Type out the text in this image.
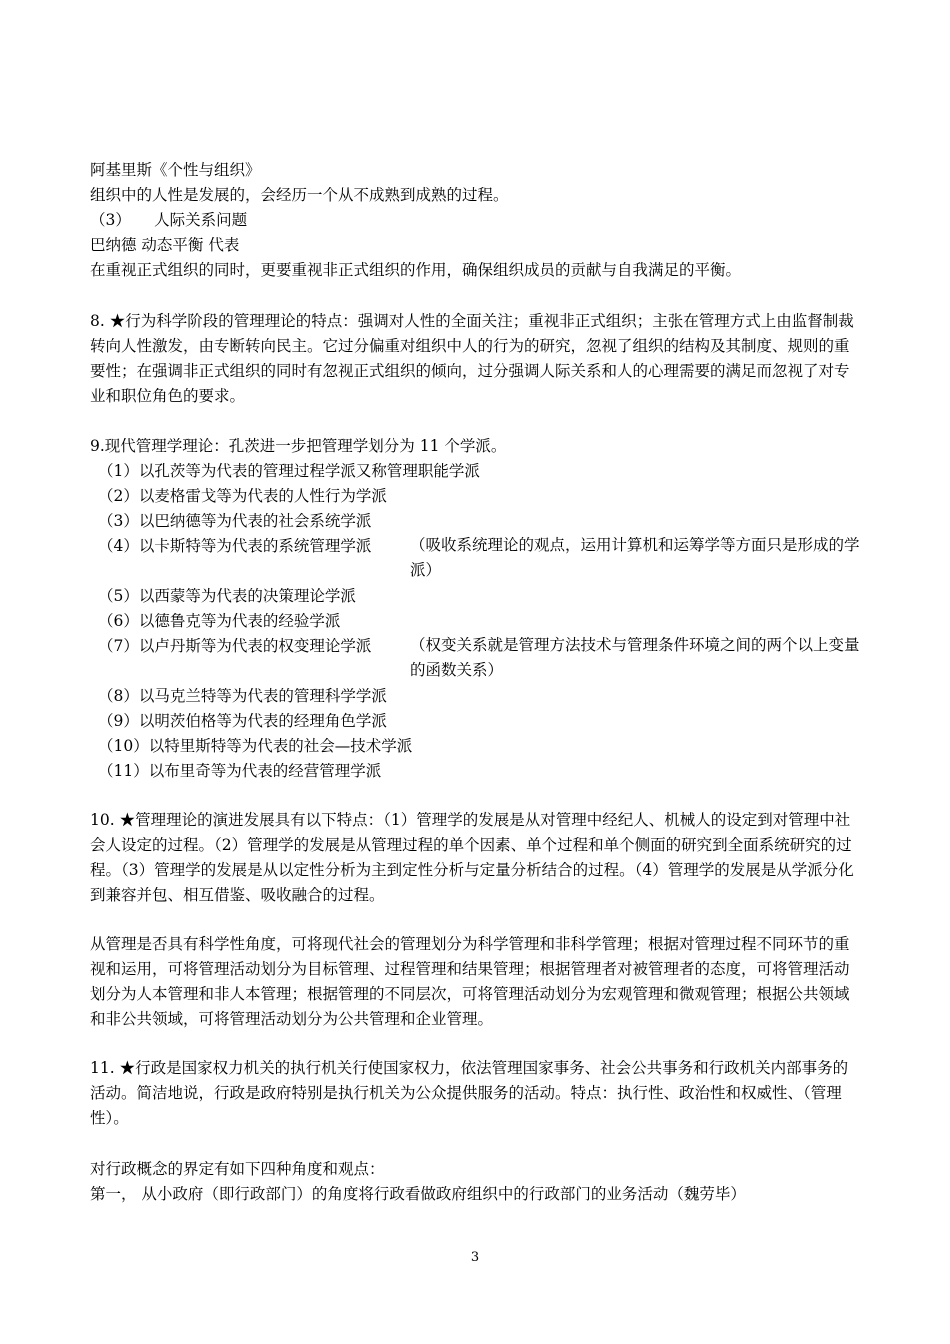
阿基里斯《个性与组织》
组织中的人性是发展的，会经历一个从不成熟到成熟的过程。
（3）　　人际关系问题
巴纳德 动态平衡 代表
在重视正式组织的同时，更要重视非正式组织的作用，确保组织成员的贡献与自我满足的平衡。
8. ★行为科学阶段的管理理论的特点：强调对人性的全面关注；重视非正式组织；主张在管理方式上由监督制裁转向人性激发，由专断转向民主。它过分偏重对组织中人的行为的研究，忽视了组织的结构及其制度、规则的重要性；在强调非正式组织的同时有忽视正式组织的倾向，过分强调人际关系和人的心理需要的满足而忽视了对专业和职位角色的要求。
9.现代管理学理论：孔茨进一步把管理学划分为 11 个学派。
（1）以孔茨等为代表的管理过程学派又称管理职能学派
（2）以麦格雷戈等为代表的人性行为学派
（3）以巴纳德等为代表的社会系统学派
（4）以卡斯特等为代表的系统管理学派 （吸收系统理论的观点，运用计算机和运筹学等方面只是形成的学派）
（5）以西蒙等为代表的决策理论学派
（6）以德鲁克等为代表的经验学派
（7）以卢丹斯等为代表的权变理论学派 （权变关系就是管理方法技术与管理条件环境之间的两个以上变量的函数关系）
（8）以马克兰特等为代表的管理科学学派
（9）以明茨伯格等为代表的经理角色学派
（10）以特里斯特等为代表的社会—技术学派
（11）以布里奇等为代表的经营管理学派
10. ★管理理论的演进发展具有以下特点：（1）管理学的发展是从对管理中经纪人、机械人的设定到对管理中社会人设定的过程。（2）管理学的发展是从管理过程的单个因素、单个过程和单个侧面的研究到全面系统研究的过程。（3）管理学的发展是从以定性分析为主到定性分析与定量分析结合的过程。（4）管理学的发展是从学派分化到兼容并包、相互借鉴、吸收融合的过程。
从管理是否具有科学性角度，可将现代社会的管理划分为科学管理和非科学管理；根据对管理过程不同环节的重视和运用，可将管理活动划分为目标管理、过程管理和结果管理；根据管理者对被管理者的态度，可将管理活动划分为人本管理和非人本管理；根据管理的不同层次，可将管理活动划分为宏观管理和微观管理；根据公共领域和非公共领域，可将管理活动划分为公共管理和企业管理。
11. ★行政是国家权力机关的执行机关行使国家权力，依法管理国家事务、社会公共事务和行政机关内部事务的活动。简洁地说，行政是政府特别是执行机关为公众提供服务的活动。特点：执行性、政治性和权威性、（管理性）。
对行政概念的界定有如下四种角度和观点：
第一， 从小政府（即行政部门）的角度将行政看做政府组织中的行政部门的业务活动（魏劳毕）
3
